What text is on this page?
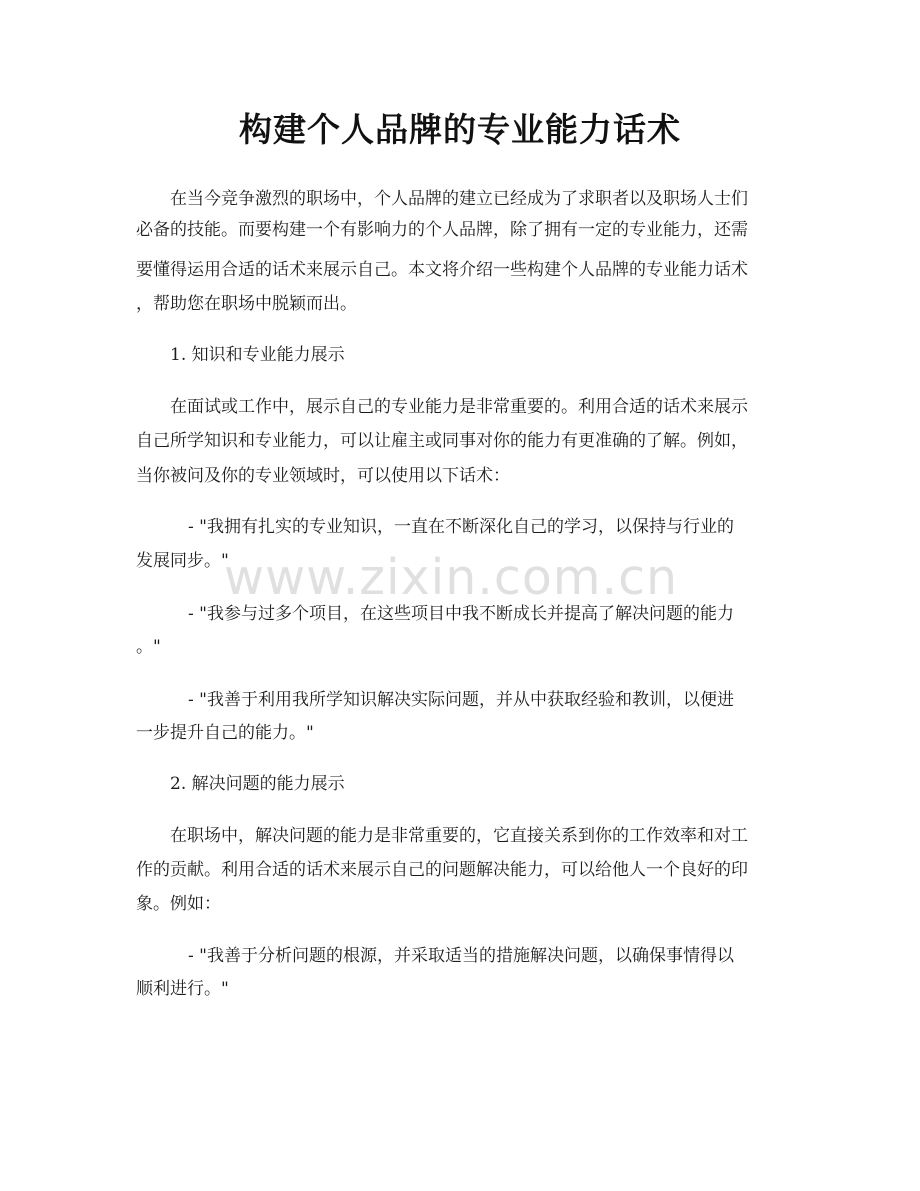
构建个人品牌的专业能力话术
在当今竞争激烈的职场中，个人品牌的建立已经成为了求职者以及职场人士们
必备的技能。而要构建一个有影响力的个人品牌，除了拥有一定的专业能力，还需
要懂得运用合适的话术来展示自己。本文将介绍一些构建个人品牌的专业能力话术
，帮助您在职场中脱颖而出。
1. 知识和专业能力展示
在面试或工作中，展示自己的专业能力是非常重要的。利用合适的话术来展示
自己所学知识和专业能力，可以让雇主或同事对你的能力有更准确的了解。例如，
当你被问及你的专业领域时，可以使用以下话术：
- "我拥有扎实的专业知识，一直在不断深化自己的学习，以保持与行业的
发展同步。"
- "我参与过多个项目，在这些项目中我不断成长并提高了解决问题的能力
。"
- "我善于利用我所学知识解决实际问题，并从中获取经验和教训，以便进
一步提升自己的能力。"
2. 解决问题的能力展示
在职场中，解决问题的能力是非常重要的，它直接关系到你的工作效率和对工
作的贡献。利用合适的话术来展示自己的问题解决能力，可以给他人一个良好的印
象。例如：
- "我善于分析问题的根源，并采取适当的措施解决问题，以确保事情得以
顺利进行。"
www.zixin.com.cn
